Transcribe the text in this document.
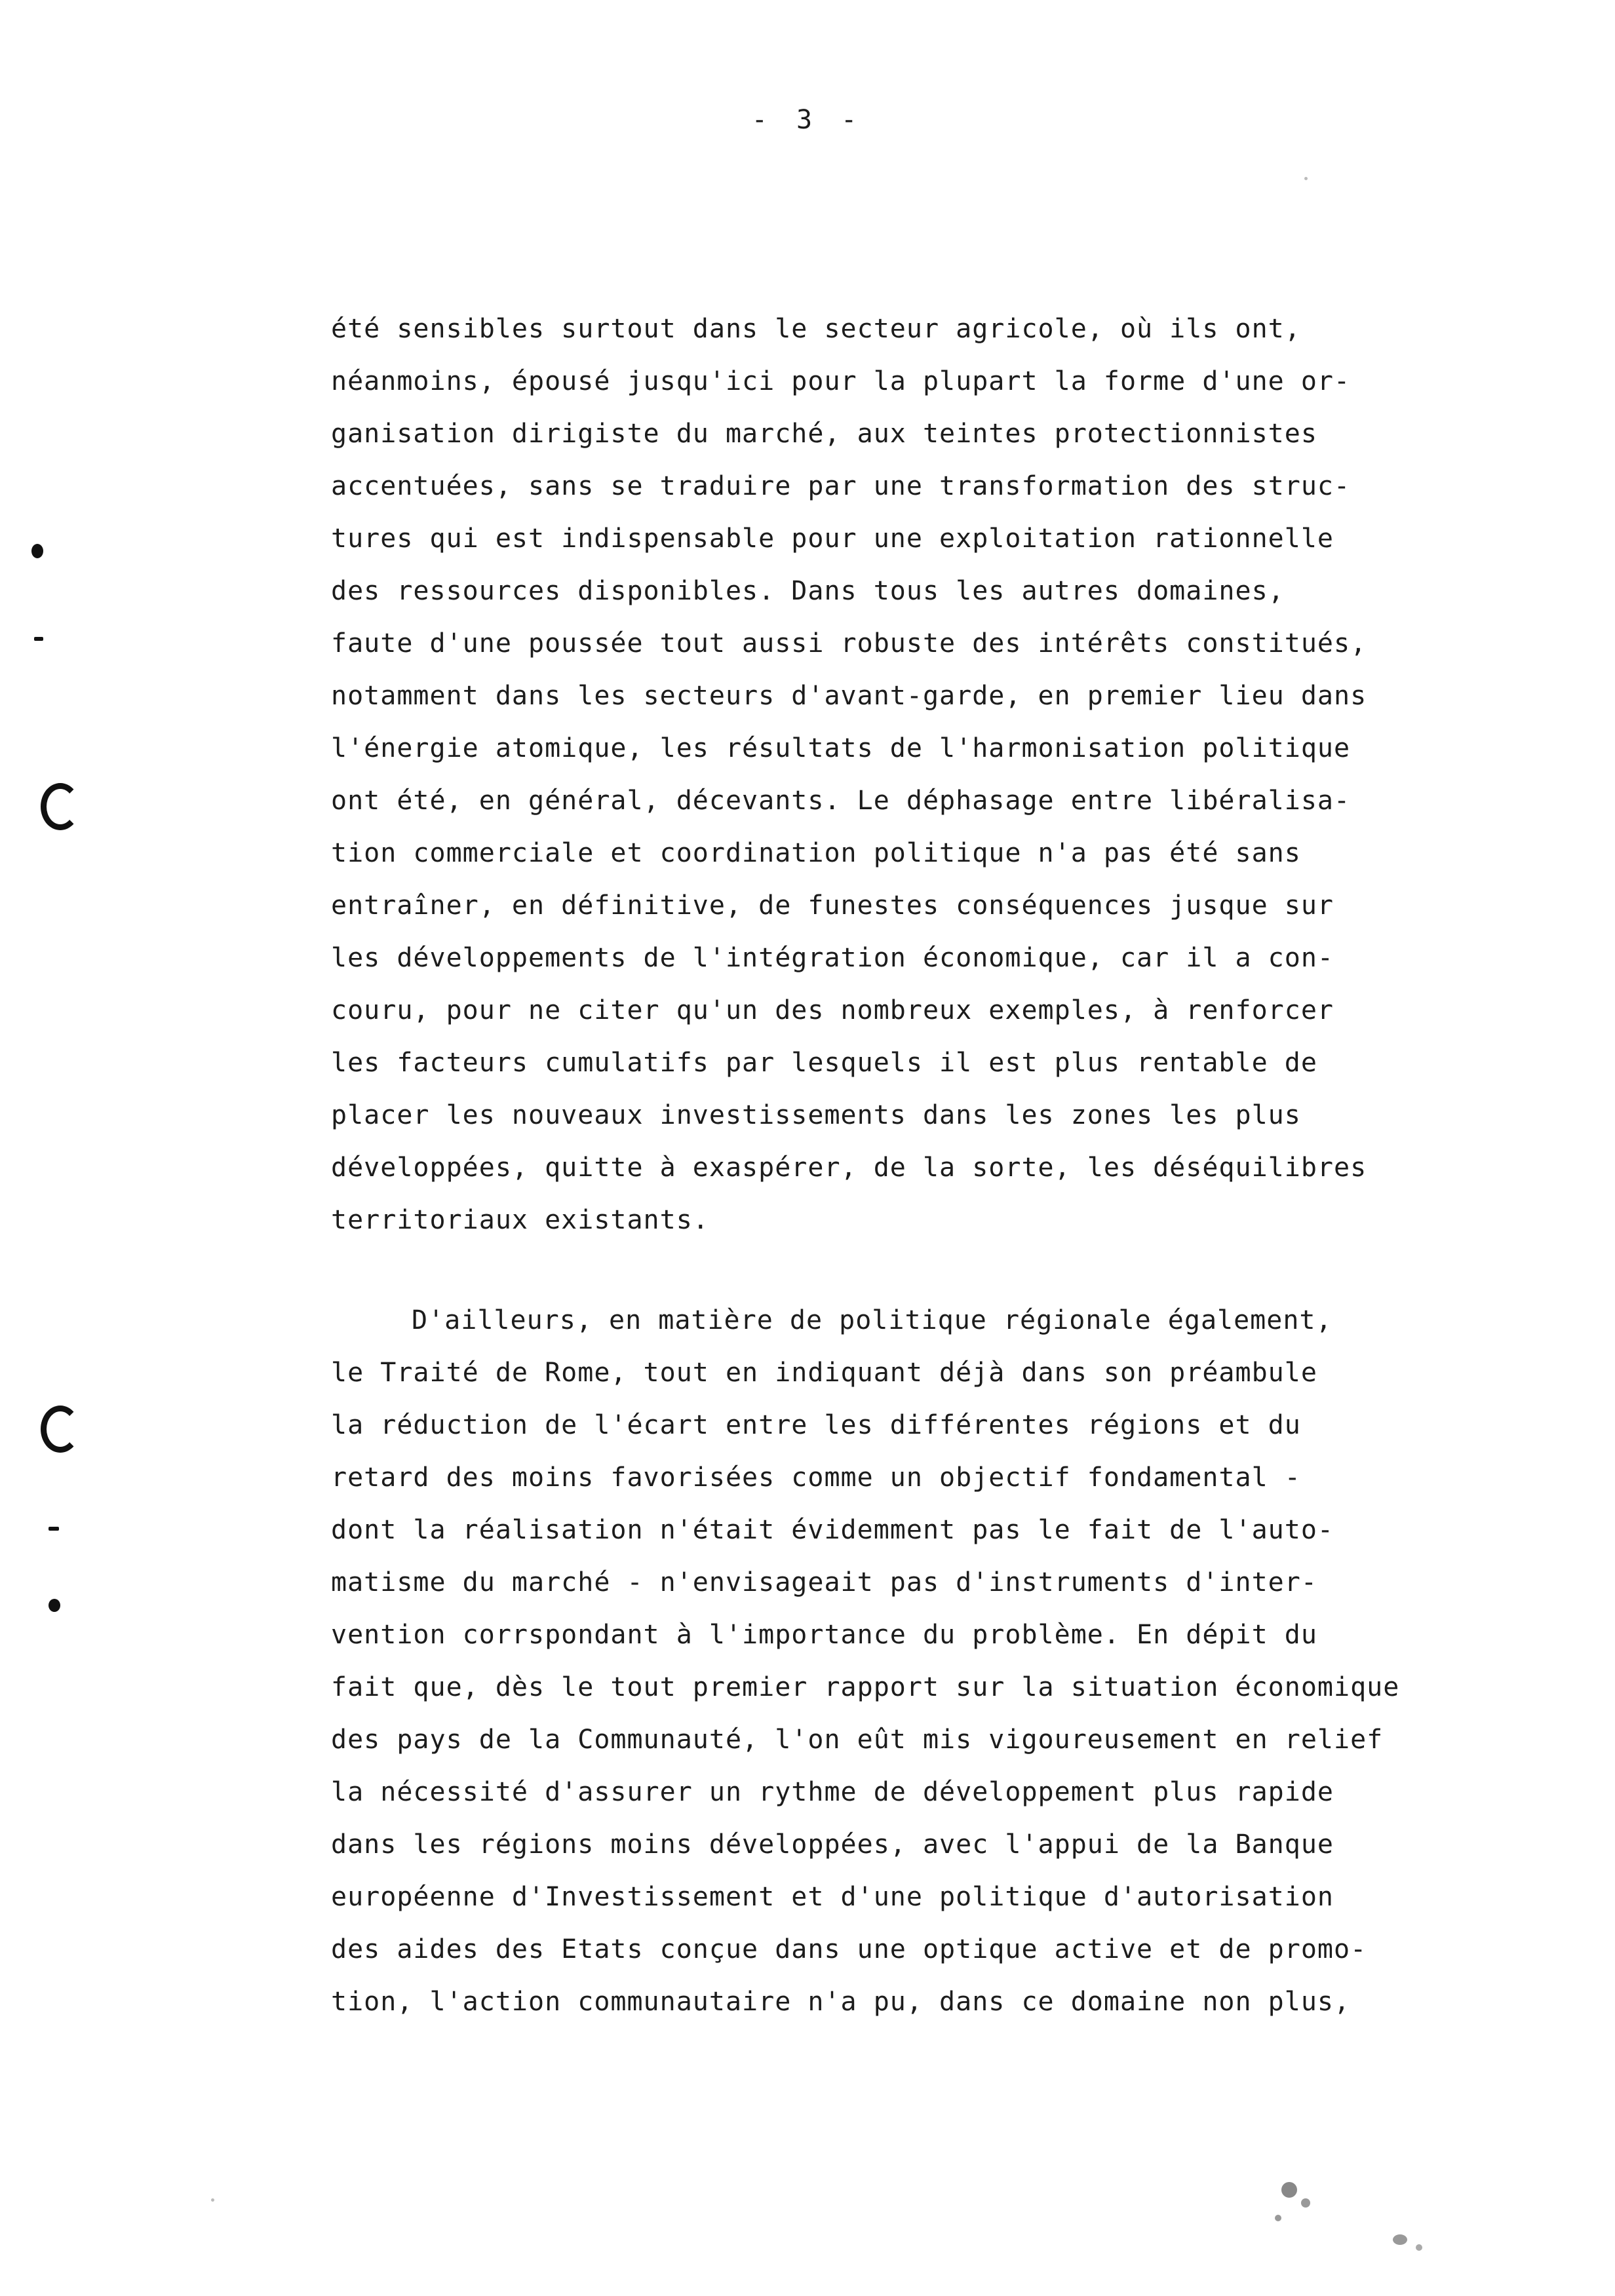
- 3 -
été sensibles surtout dans le secteur agricole, où ils ont,
néanmoins, épousé jusqu'ici pour la plupart la forme d'une or-
ganisation dirigiste du marché, aux teintes protectionnistes
accentuées, sans se traduire par une transformation des struc-
tures qui est indispensable pour une exploitation rationnelle
des ressources disponibles. Dans tous les autres domaines,
faute d'une poussée tout aussi robuste des intérêts constitués,
notamment dans les secteurs d'avant-garde, en premier lieu dans
l'énergie atomique, les résultats de l'harmonisation politique
ont été, en général, décevants. Le déphasage entre libéralisa-
tion commerciale et coordination politique n'a pas été sans
entraîner, en définitive, de funestes conséquences jusque sur
les développements de l'intégration économique, car il a con-
couru, pour ne citer qu'un des nombreux exemples, à renforcer
les facteurs cumulatifs par lesquels il est plus rentable de
placer les nouveaux investissements dans les zones les plus
développées, quitte à exaspérer, de la sorte, les déséquilibres
territoriaux existants.
D'ailleurs, en matière de politique régionale également,
le Traité de Rome, tout en indiquant déjà dans son préambule
la réduction de l'écart entre les différentes régions et du
retard des moins favorisées comme un objectif fondamental -
dont la réalisation n'était évidemment pas le fait de l'auto-
matisme du marché - n'envisageait pas d'instruments d'inter-
vention corrspondant à l'importance du problème. En dépit du
fait que, dès le tout premier rapport sur la situation économique
des pays de la Communauté, l'on eût mis vigoureusement en relief
la nécessité d'assurer un rythme de développement plus rapide
dans les régions moins développées, avec l'appui de la Banque
européenne d'Investissement et d'une politique d'autorisation
des aides des Etats conçue dans une optique active et de promo-
tion, l'action communautaire n'a pu, dans ce domaine non plus,
